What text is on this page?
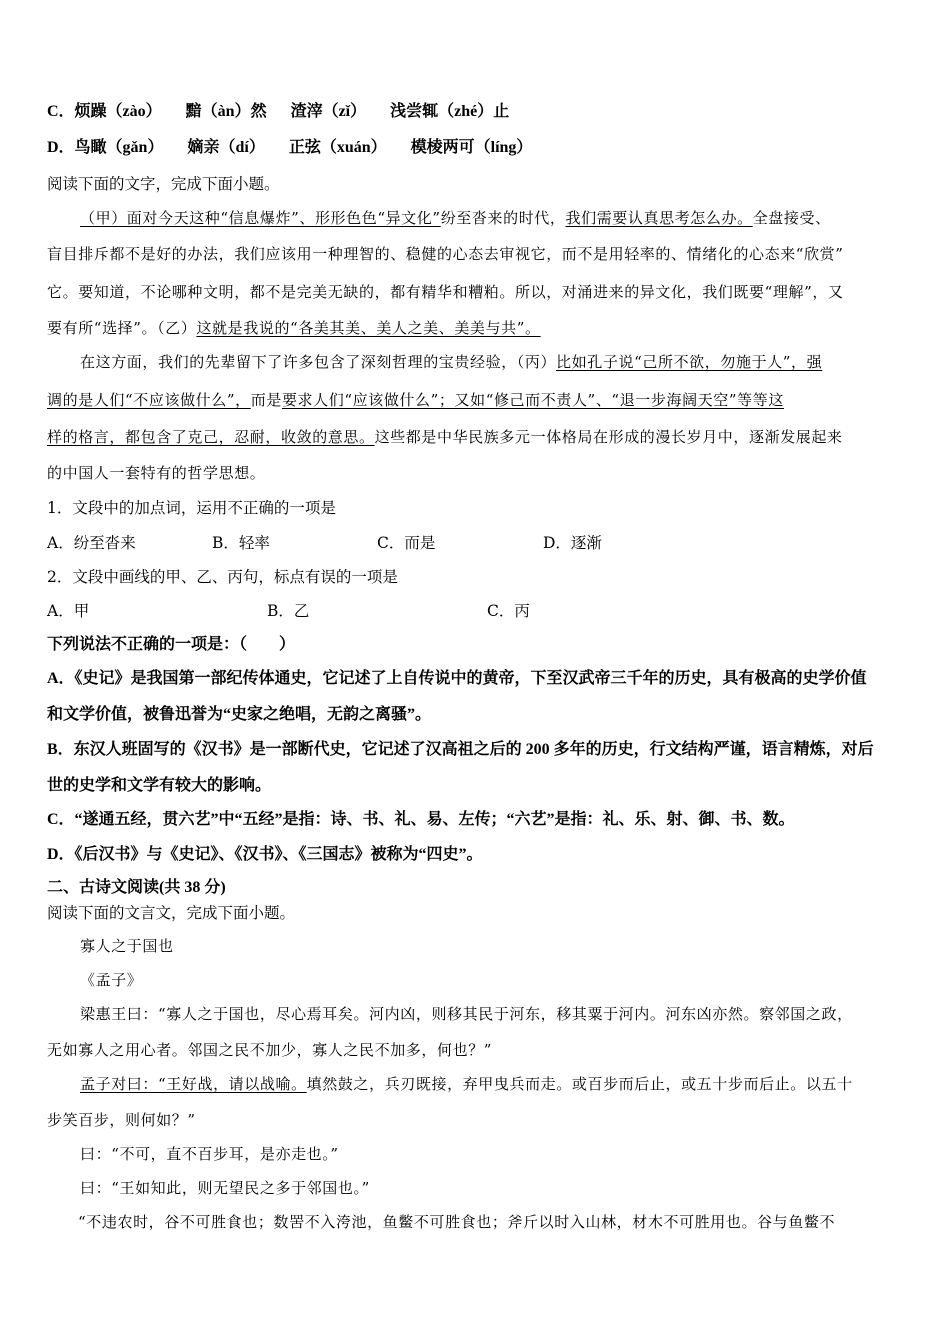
C．烦躁（zào） 黯（àn）然 渣滓（zǐ） 浅尝辄（zhé）止
D．鸟瞰（gǎn） 嫡亲（dí） 正弦（xuán） 模棱两可（líng）
阅读下面的文字，完成下面小题。
（甲）面对今天这种“信息爆炸”、形形色色“异文化”纷至沓来的时代，我们需要认真思考怎么办。全盘接受、
盲目排斥都不是好的办法，我们应该用一种理智的、稳健的心态去审视它，而不是用轻率的、情绪化的心态来“欣赏”
它。要知道，不论哪种文明，都不是完美无缺的，都有精华和糟粕。所以，对涌进来的异文化，我们既要“理解”，又
要有所“选择”。（乙）这就是我说的“各美其美、美人之美、美美与共”。
在这方面，我们的先辈留下了许多包含了深刻哲理的宝贵经验，（丙）比如孔子说“己所不欲，勿施于人”，强
调的是人们“不应该做什么”，而是要求人们“应该做什么”；又如“修己而不责人”、“退一步海阔天空”等等这
样的格言，都包含了克己，忍耐，收敛的意思。这些都是中华民族多元一体格局在形成的漫长岁月中，逐渐发展起来
的中国人一套特有的哲学思想。
1．文段中的加点词，运用不正确的一项是
A．纷至沓来	B．轻率	C．而是	D．逐渐
2．文段中画线的甲、乙、丙句，标点有误的一项是
A．甲	B．乙	C．丙
下列说法不正确的一项是：（　　）
A．《史记》是我国第一部纪传体通史，它记述了上自传说中的黄帝，下至汉武帝三千年的历史，具有极高的史学价值
和文学价值，被鲁迅誉为“史家之绝唱，无韵之离骚”。
B．东汉人班固写的《汉书》是一部断代史，它记述了汉高祖之后的 200 多年的历史，行文结构严谨，语言精炼，对后
世的史学和文学有较大的影响。
C．“遂通五经，贯六艺”中“五经”是指：诗、书、礼、易、左传；“六艺”是指：礼、乐、射、御、书、数。
D．《后汉书》与《史记》、《汉书》、《三国志》被称为“四史”。
二、古诗文阅读(共 38 分)
阅读下面的文言文，完成下面小题。
寡人之于国也
《孟子》
梁惠王曰：“寡人之于国也，尽心焉耳矣。河内凶，则移其民于河东，移其粟于河内。河东凶亦然。察邻国之政，
无如寡人之用心者。邻国之民不加少，寡人之民不加多，何也？”
孟子对曰：“王好战，请以战喻。填然鼓之，兵刃既接，弃甲曳兵而走。或百步而后止，或五十步而后止。以五十
步笑百步，则何如？”
曰：“不可，直不百步耳，是亦走也。”
曰：“王如知此，则无望民之多于邻国也。”
“不违农时，谷不可胜食也；数罟不入洿池，鱼鳖不可胜食也；斧斤以时入山林，材木不可胜用也。谷与鱼鳖不
